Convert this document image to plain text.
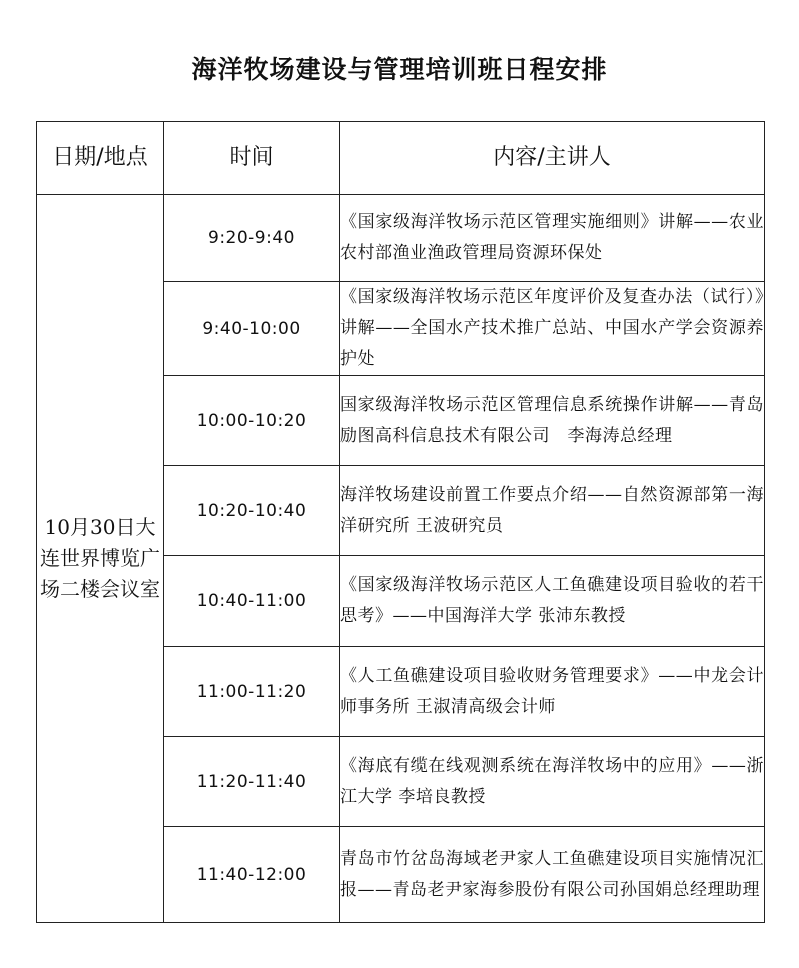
海洋牧场建设与管理培训班日程安排
日期/地点	时间	内容/主讲人
10月30日大连世界博览广场二楼会议室	9:20-9:40	《国家级海洋牧场示范区管理实施细则》讲解——农业农村部渔业渔政管理局资源环保处
	9:40-10:00	《国家级海洋牧场示范区年度评价及复查办法（试行）》讲解——全国水产技术推广总站、中国水产学会资源养护处
	10:00-10:20	国家级海洋牧场示范区管理信息系统操作讲解——青岛励图高科信息技术有限公司　李海涛总经理
	10:20-10:40	海洋牧场建设前置工作要点介绍——自然资源部第一海洋研究所 王波研究员
	10:40-11:00	《国家级海洋牧场示范区人工鱼礁建设项目验收的若干思考》——中国海洋大学 张沛东教授
	11:00-11:20	《人工鱼礁建设项目验收财务管理要求》——中龙会计师事务所 王淑清高级会计师
	11:20-11:40	《海底有缆在线观测系统在海洋牧场中的应用》——浙江大学 李培良教授
	11:40-12:00	青岛市竹岔岛海域老尹家人工鱼礁建设项目实施情况汇报——青岛老尹家海参股份有限公司孙国娟总经理助理
